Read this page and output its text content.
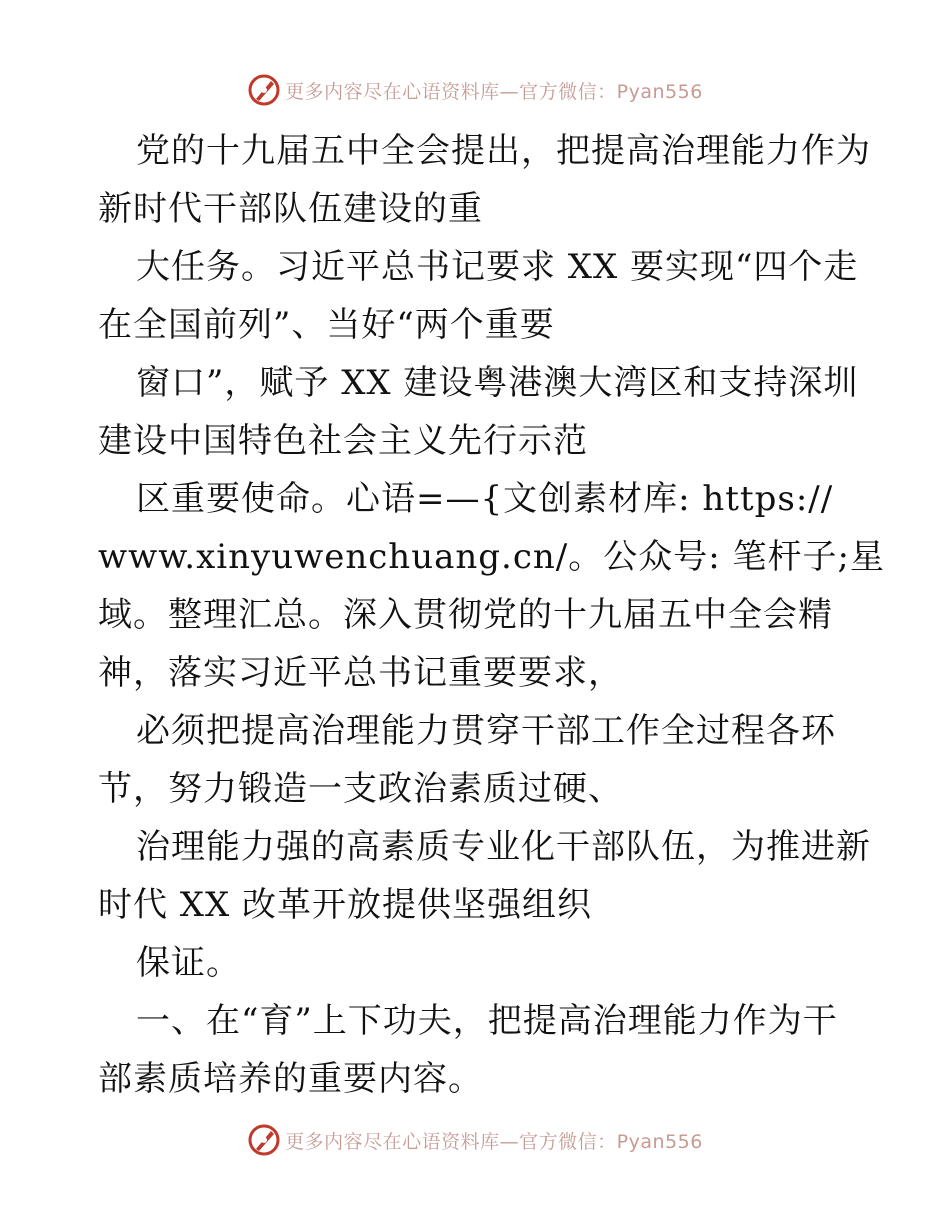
更多内容尽在心语资料库—官方微信：Pyan556
党的十九届五中全会提出，把提高治理能力作为
新时代干部队伍建设的重
大任务。习近平总书记要求 XX 要实现“四个走
在全国前列”、当好“两个重要
窗口”，赋予 XX 建设粤港澳大湾区和支持深圳
建设中国特色社会主义先行示范
区重要使命。心语=—{文创素材库: https://
www.xinyuwenchuang.cn/。公众号: 笔杆子;星
域。整理汇总。深入贯彻党的十九届五中全会精
神，落实习近平总书记重要要求，
必须把提高治理能力贯穿干部工作全过程各环
节，努力锻造一支政治素质过硬、
治理能力强的高素质专业化干部队伍，为推进新
时代 XX 改革开放提供坚强组织
保证。
一、在“育”上下功夫，把提高治理能力作为干
部素质培养的重要内容。
更多内容尽在心语资料库—官方微信：Pyan556
